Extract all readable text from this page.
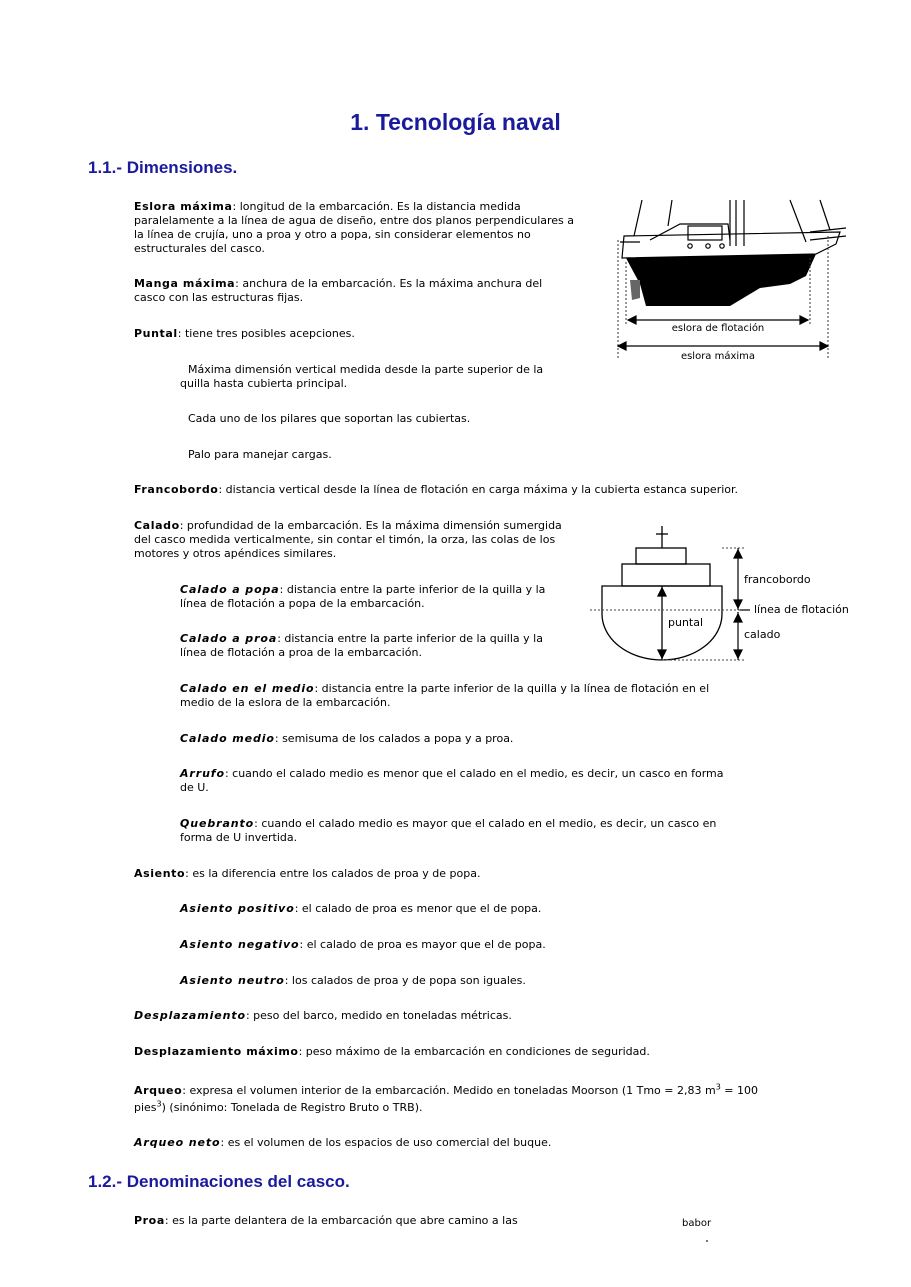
1. Tecnología naval
1.1.- Dimensiones.
Eslora máxima: longitud de la embarcación. Es la distancia medida paralelamente a la línea de agua de diseño, entre dos planos perpendiculares a la línea de crujía, uno a proa y otro a popa, sin considerar elementos no estructurales del casco.
Manga máxima: anchura de la embarcación. Es la máxima anchura del casco con las estructuras fijas.
Puntal: tiene tres posibles acepciones.
Máxima dimensión vertical medida desde la parte superior de la quilla hasta cubierta principal.
Cada uno de los pilares que soportan las cubiertas.
Palo para manejar cargas.
Francobordo: distancia vertical desde la línea de flotación en carga máxima y la cubierta estanca superior.
Calado: profundidad de la embarcación. Es la máxima dimensión sumergida del casco medida verticalmente, sin contar el timón, la orza, las colas de los motores y otros apéndices similares.
Calado a popa: distancia entre la parte inferior de la quilla y la línea de flotación a popa de la embarcación.
Calado a proa: distancia entre la parte inferior de la quilla y la línea de flotación a proa de la embarcación.
Calado en el medio: distancia entre la parte inferior de la quilla y la línea de flotación en el medio de la eslora de la embarcación.
Calado medio: semisuma de los calados a popa y a proa.
Arrufo: cuando el calado medio es menor que el calado en el medio, es decir, un casco en forma de U.
Quebranto: cuando el calado medio es mayor que el calado en el medio, es decir, un casco en forma de U invertida.
Asiento: es la diferencia entre los calados de proa y de popa.
Asiento positivo: el calado de proa es menor que el de popa.
Asiento negativo: el calado de proa es mayor que el de popa.
Asiento neutro: los calados de proa y de popa son iguales.
Desplazamiento: peso del barco, medido en toneladas métricas.
Desplazamiento máximo: peso máximo de la embarcación en condiciones de seguridad.
Arqueo: expresa el volumen interior de la embarcación. Medido en toneladas Moorson (1 Tmo = 2,83 $m^3 = 100$ pies$^3$) (sinónimo: Tonelada de Registro Bruto o TRB).
Arqueo neto: es el volumen de los espacios de uso comercial del buque.
1.2.- Denominaciones del casco.
Proa: es la parte delantera de la embarcación que abre camino a las
eslora de flotación
eslora máxima
francobordo
línea de flotación
puntal
calado
babor
